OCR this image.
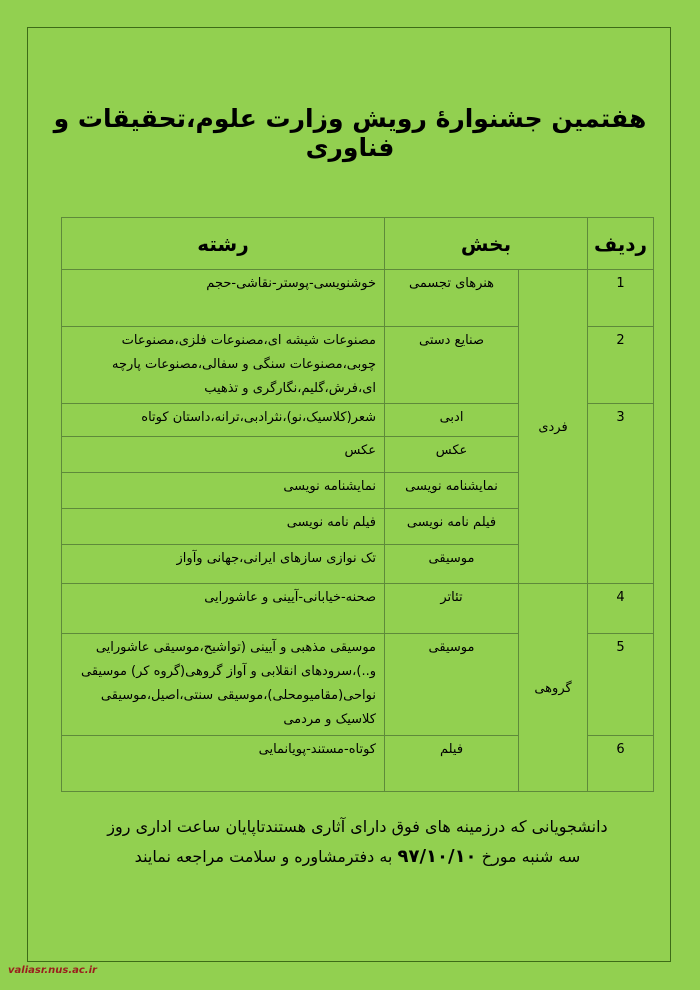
هفتمین جشنوارهٔ رویش وزارت علوم،تحقیقات و فناوری
ردیف	بخش		رشته
1	فردی	هنرهای تجسمی	خوشنویسی-پوستر-نقاشی-حجم
2		صنایع دستی	مصنوعات شیشه ای،مصنوعات فلزی،مصنوعات چوبی،مصنوعات سنگی و سفالی،مصنوعات پارچه ای،فرش،گلیم،نگارگری و تذهیب
3		ادبی	شعر(کلاسیک،نو)،نثرادبی،ترانه،داستان کوتاه
		عکس	عکس
		نمایشنامه نویسی	نمایشنامه نویسی
		فیلم نامه نویسی	فیلم نامه نویسی
		موسیقی	تک نوازی سازهای ایرانی،جهانی وآواز
4	گروهی	تئاتر	صحنه-خیابانی-آیینی و عاشورایی
5		موسیقی	موسیقی مذهبی و آیینی (تواشیح،موسیقی عاشورایی و..)،سرودهای انقلابی و آواز گروهی(گروه کر) موسیقی نواحی(مقامیومحلی)،موسیقی سنتی،اصیل،موسیقی کلاسیک و مردمی
6		فیلم	کوتاه-مستند-پویانمایی
دانشجویانی که درزمینه های فوق دارای آثاری هستندتاپایان ساعت اداری روز
سه شنبه مورخ ۹۷/۱۰/۱۰ به دفترمشاوره و سلامت مراجعه نمایند
valiasr.nus.ac.ir
